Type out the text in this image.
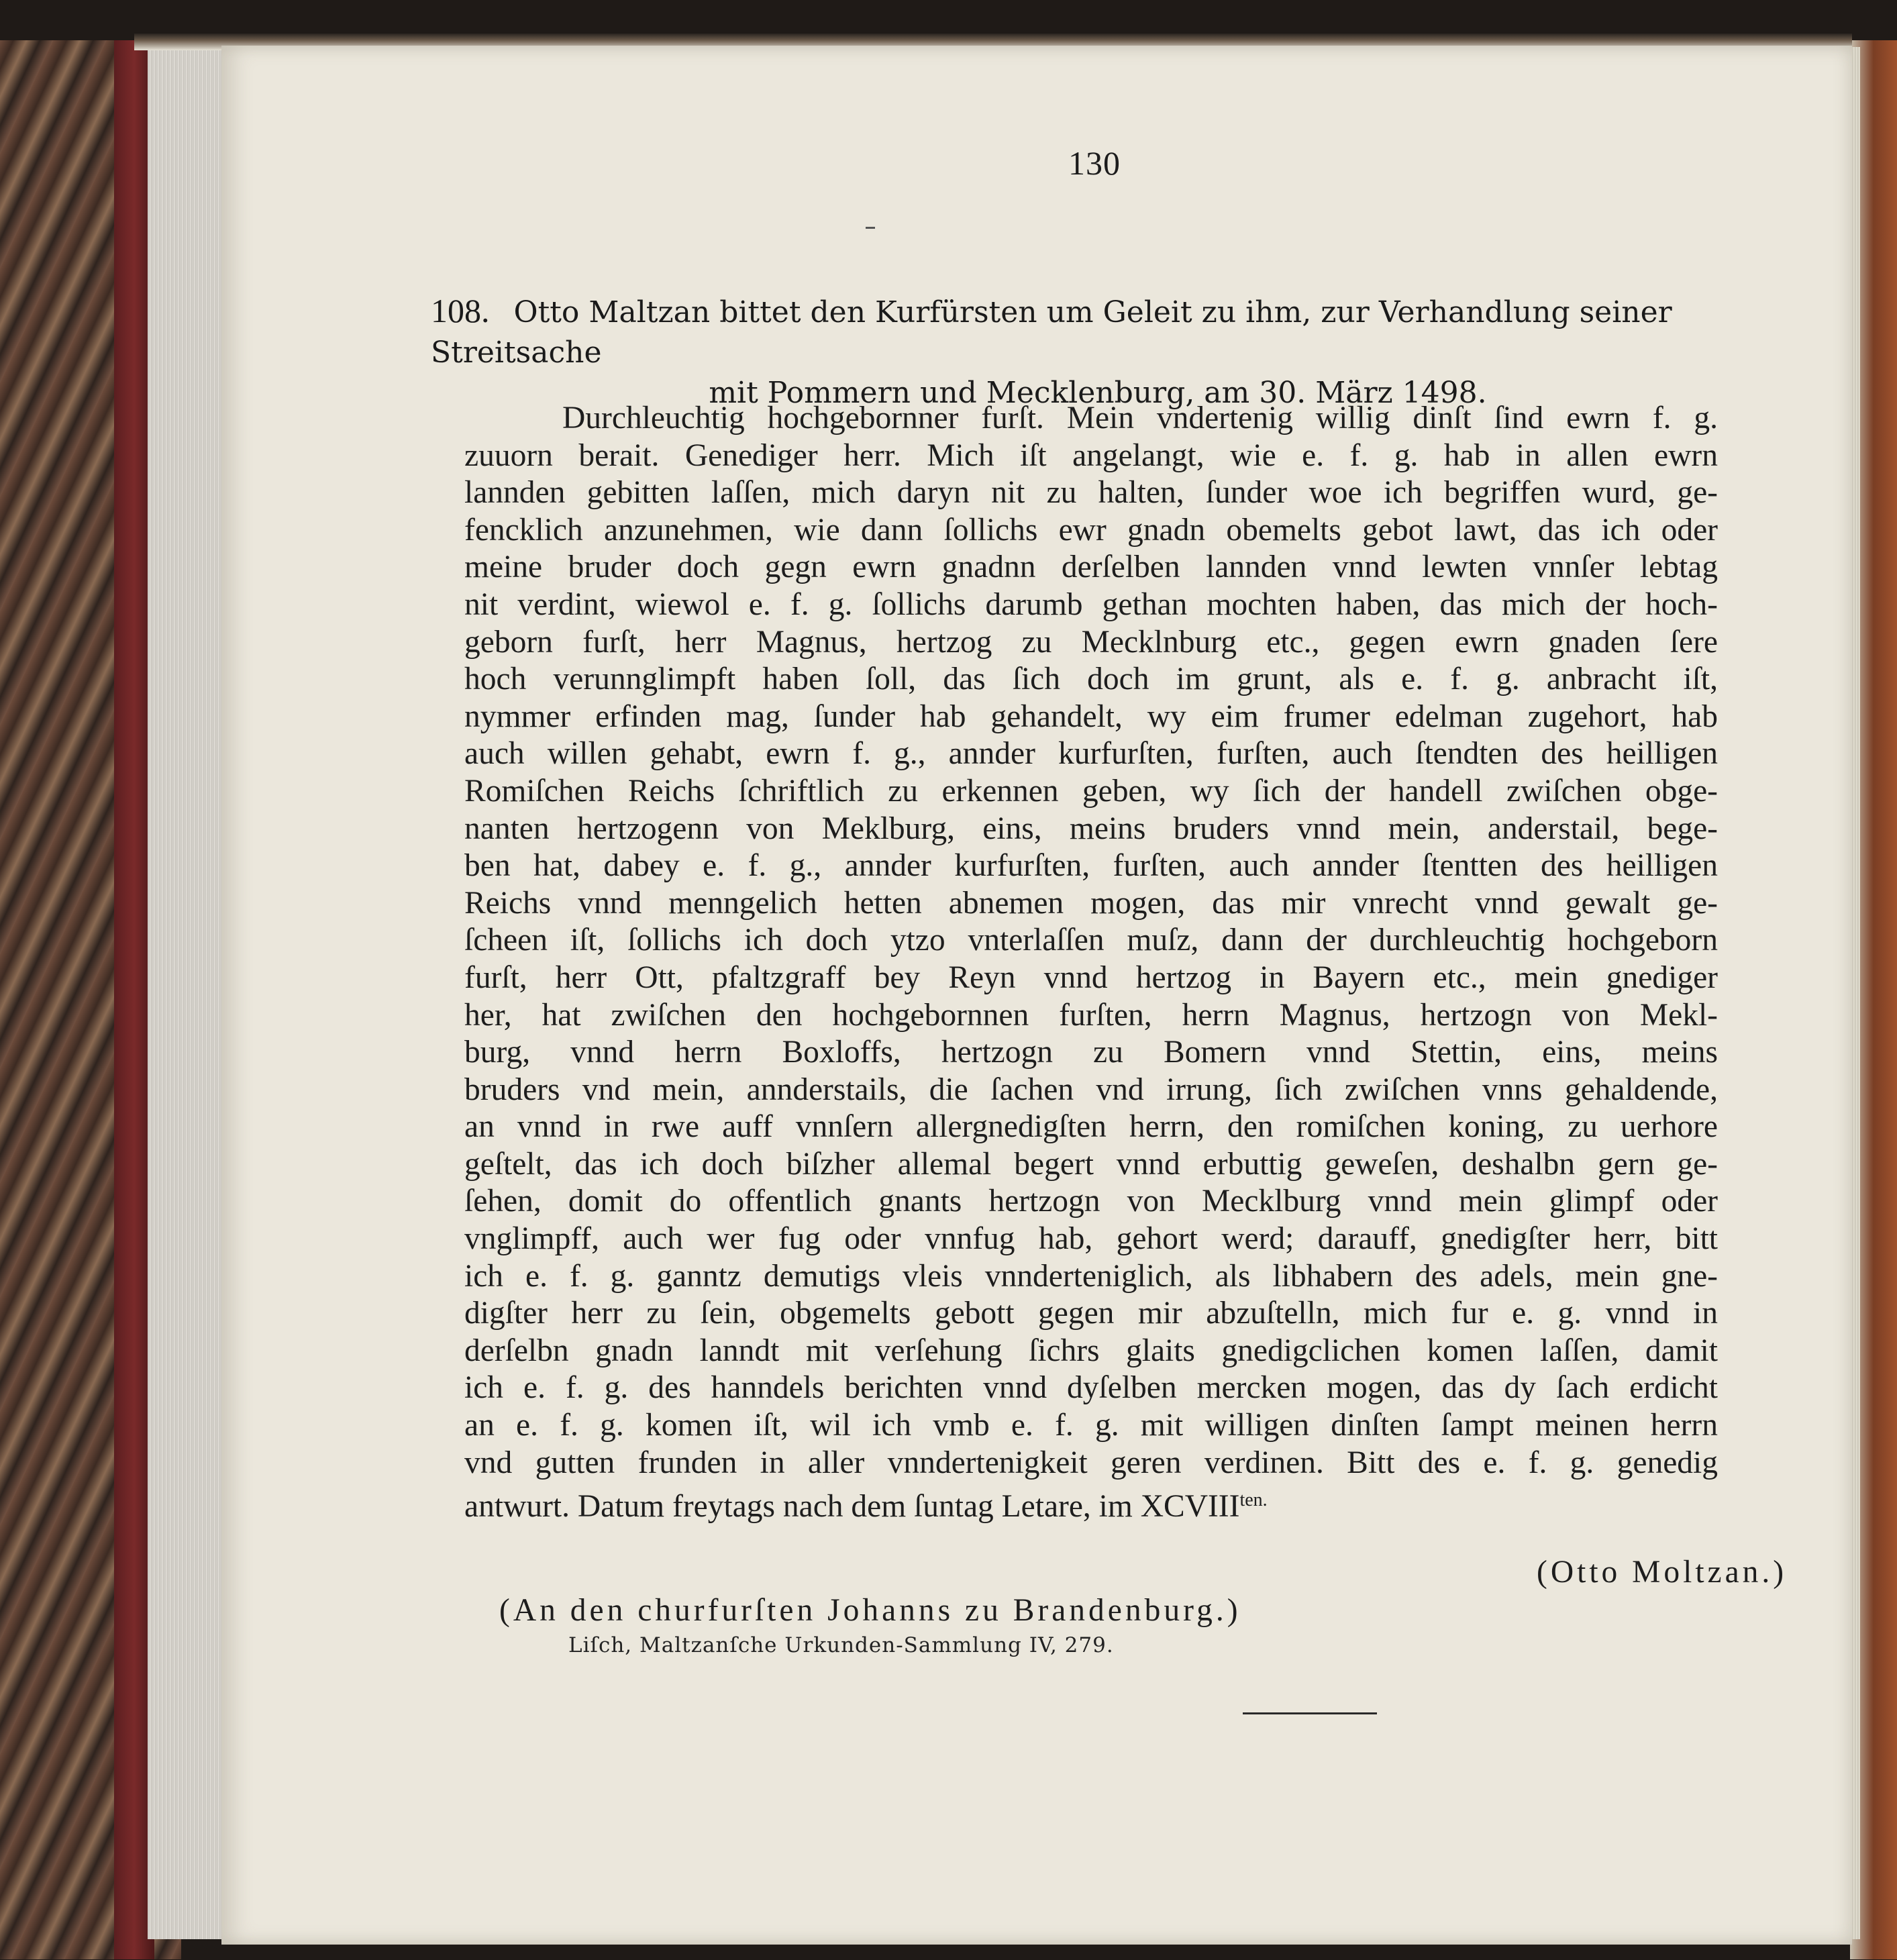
130
108. Otto Maltzan bittet den Kurfürsten um Geleit zu ihm, zur Verhandlung seiner Streitsache
mit Pommern und Mecklenburg, am 30. März 1498.
Durchleuchtig hochgebornner furſt. Mein vndertenig willig dinſt ſind ewrn f. g.
zuuorn berait. Genediger herr. Mich iſt angelangt, wie e. f. g. hab in allen ewrn
lannden gebitten laſſen, mich daryn nit zu halten, ſunder woe ich begriffen wurd, ge-
fencklich anzunehmen, wie dann ſollichs ewr gnadn obemelts gebot lawt, das ich oder
meine bruder doch gegn ewrn gnadnn derſelben lannden vnnd lewten vnnſer lebtag
nit verdint, wiewol e. f. g. ſollichs darumb gethan mochten haben, das mich der hoch-
geborn furſt, herr Magnus, hertzog zu Mecklnburg etc., gegen ewrn gnaden ſere
hoch verunnglimpft haben ſoll, das ſich doch im grunt, als e. f. g. anbracht iſt,
nymmer erfinden mag, ſunder hab gehandelt, wy eim frumer edelman zugehort, hab
auch willen gehabt, ewrn f. g., annder kurfurſten, furſten, auch ſtendten des heilligen
Romiſchen Reichs ſchriftlich zu erkennen geben, wy ſich der handell zwiſchen obge-
nanten hertzogenn von Meklburg, eins, meins bruders vnnd mein, anderstail, bege-
ben hat, dabey e. f. g., annder kurfurſten, furſten, auch annder ſtentten des heilligen
Reichs vnnd menngelich hetten abnemen mogen, das mir vnrecht vnnd gewalt ge-
ſcheen iſt, ſollichs ich doch ytzo vnterlaſſen muſz, dann der durchleuchtig hochgeborn
furſt, herr Ott, pfaltzgraff bey Reyn vnnd hertzog in Bayern etc., mein gnediger
her, hat zwiſchen den hochgebornnen furſten, herrn Magnus, hertzogn von Mekl-
burg, vnnd herrn Boxloffs, hertzogn zu Bomern vnnd Stettin, eins, meins
bruders vnd mein, annderstails, die ſachen vnd irrung, ſich zwiſchen vnns gehaldende,
an vnnd in rwe auff vnnſern allergnedigſten herrn, den romiſchen koning, zu uerhore
geſtelt, das ich doch biſzher allemal begert vnnd erbuttig geweſen, deshalbn gern ge-
ſehen, domit do offentlich gnants hertzogn von Mecklburg vnnd mein glimpf oder
vnglimpff, auch wer fug oder vnnfug hab, gehort werd; darauff, gnedigſter herr, bitt
ich e. f. g. ganntz demutigs vleis vnnderteniglich, als libhabern des adels, mein gne-
digſter herr zu ſein, obgemelts gebott gegen mir abzuſtelln, mich fur e. g. vnnd in
derſelbn gnadn lanndt mit verſehung ſichrs glaits gnedigclichen komen laſſen, damit
ich e. f. g. des hanndels berichten vnnd dyſelben mercken mogen, das dy ſach erdicht
an e. f. g. komen iſt, wil ich vmb e. f. g. mit willigen dinſten ſampt meinen herrn
vnd gutten frunden in aller vnndertenigkeit geren verdinen. Bitt des e. f. g. genedig
antwurt. Datum freytags nach dem ſuntag Letare, im $XCVIII^{ten.}$
(Otto Moltzan.)
(An den churfurſten Johanns zu Brandenburg.)
Liſch, Maltzanſche Urkunden-Sammlung IV, 279.
